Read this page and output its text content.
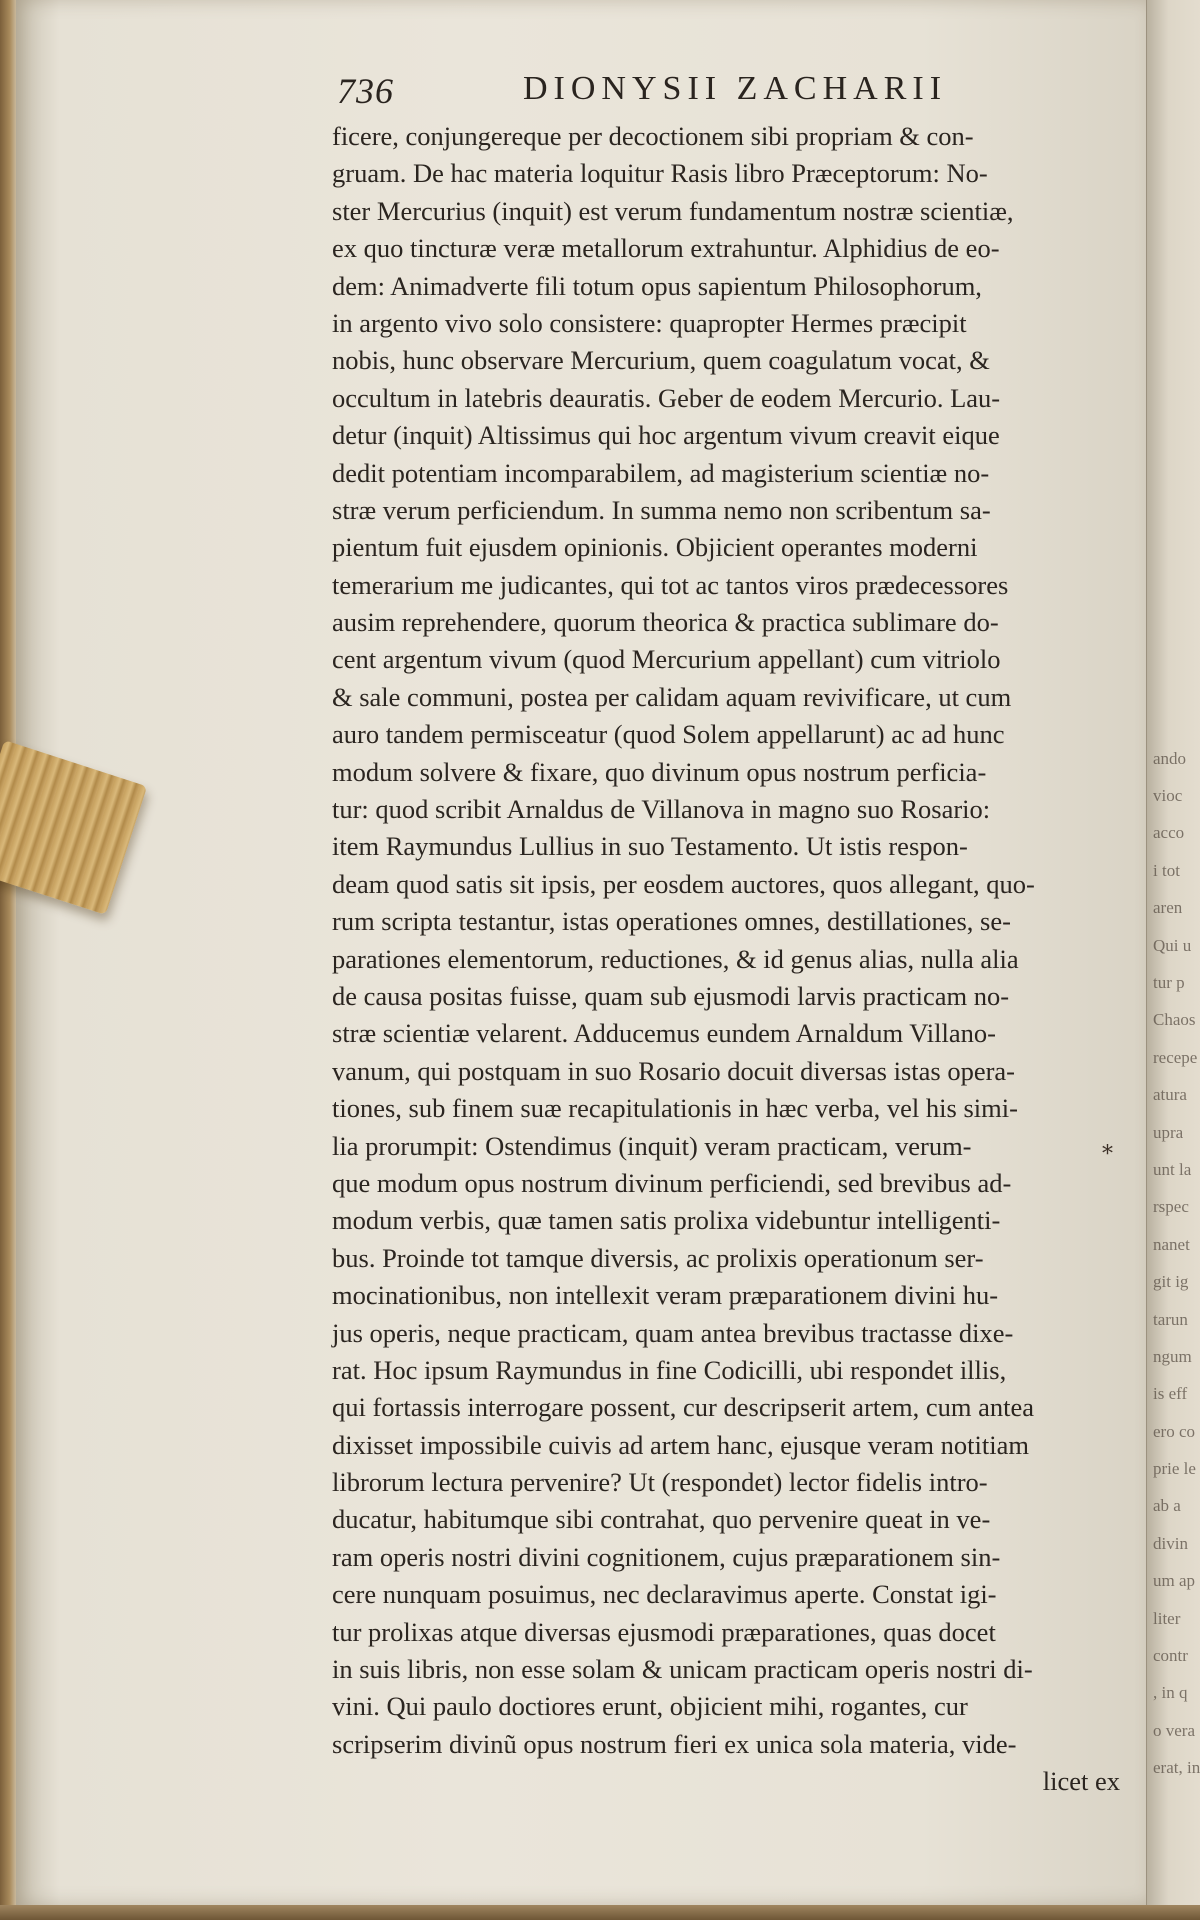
736	DIONYSII ZACHARII
ficere, conjungereque per decoctionem sibi propriam & con-
gruam. De hac materia loquitur Rasis libro Præceptorum: No-
ster Mercurius (inquit) est verum fundamentum nostræ scientiæ,
ex quo tincturæ veræ metallorum extrahuntur. Alphidius de eo-
dem: Animadverte fili totum opus sapientum Philosophorum,
in argento vivo solo consistere: quapropter Hermes præcipit
nobis, hunc observare Mercurium, quem coagulatum vocat, &
occultum in latebris deauratis. Geber de eodem Mercurio. Lau-
detur (inquit) Altissimus qui hoc argentum vivum creavit eique
dedit potentiam incomparabilem, ad magisterium scientiæ no-
stræ verum perficiendum. In summa nemo non scribentum sa-
pientum fuit ejusdem opinionis. Objicient operantes moderni
temerarium me judicantes, qui tot ac tantos viros prædecessores
ausim reprehendere, quorum theorica & practica sublimare do-
cent argentum vivum (quod Mercurium appellant) cum vitriolo
& sale communi, postea per calidam aquam revivificare, ut cum
auro tandem permisceatur (quod Solem appellarunt) ac ad hunc
modum solvere & fixare, quo divinum opus nostrum perficia-
tur: quod scribit Arnaldus de Villanova in magno suo Rosario:
item Raymundus Lullius in suo Testamento. Ut istis respon-
deam quod satis sit ipsis, per eosdem auctores, quos allegant, quo-
rum scripta testantur, istas operationes omnes, destillationes, se-
parationes elementorum, reductiones, & id genus alias, nulla alia
de causa positas fuisse, quam sub ejusmodi larvis practicam no-
stræ scientiæ velarent. Adducemus eundem Arnaldum Villano-
vanum, qui postquam in suo Rosario docuit diversas istas opera-
tiones, sub finem suæ recapitulationis in hæc verba, vel his simi-
lia prorumpit: Ostendimus (inquit) veram practicam, verum-
que modum opus nostrum divinum perficiendi, sed brevibus ad-
modum verbis, quæ tamen satis prolixa videbuntur intelligenti-
bus. Proinde tot tamque diversis, ac prolixis operationum ser-
mocinationibus, non intellexit veram præparationem divini hu-
jus operis, neque practicam, quam antea brevibus tractasse dixe-
rat. Hoc ipsum Raymundus in fine Codicilli, ubi respondet illis,
qui fortassis interrogare possent, cur descripserit artem, cum antea
dixisset impossibile cuivis ad artem hanc, ejusque veram notitiam
librorum lectura pervenire? Ut (respondet) lector fidelis intro-
ducatur, habitumque sibi contrahat, quo pervenire queat in ve-
ram operis nostri divini cognitionem, cujus præparationem sin-
cere nunquam posuimus, nec declaravimus aperte. Constat igi-
tur prolixas atque diversas ejusmodi præparationes, quas docet
in suis libris, non esse solam & unicam practicam operis nostri di-
vini. Qui paulo doctiores erunt, objicient mihi, rogantes, cur
scripserim divinũ opus nostrum fieri ex unica sola materia, vide-
licet ex
*
ando
vioc
acco
i tot
aren
Qui u
tur p
Chaos
recepe
atura
upra
unt la
rspec
nanet
git ig
tarun
ngum
is eff
ero co
prie le
ab a
divin
um ap
liter
contr
, in q
o vera
erat, in
